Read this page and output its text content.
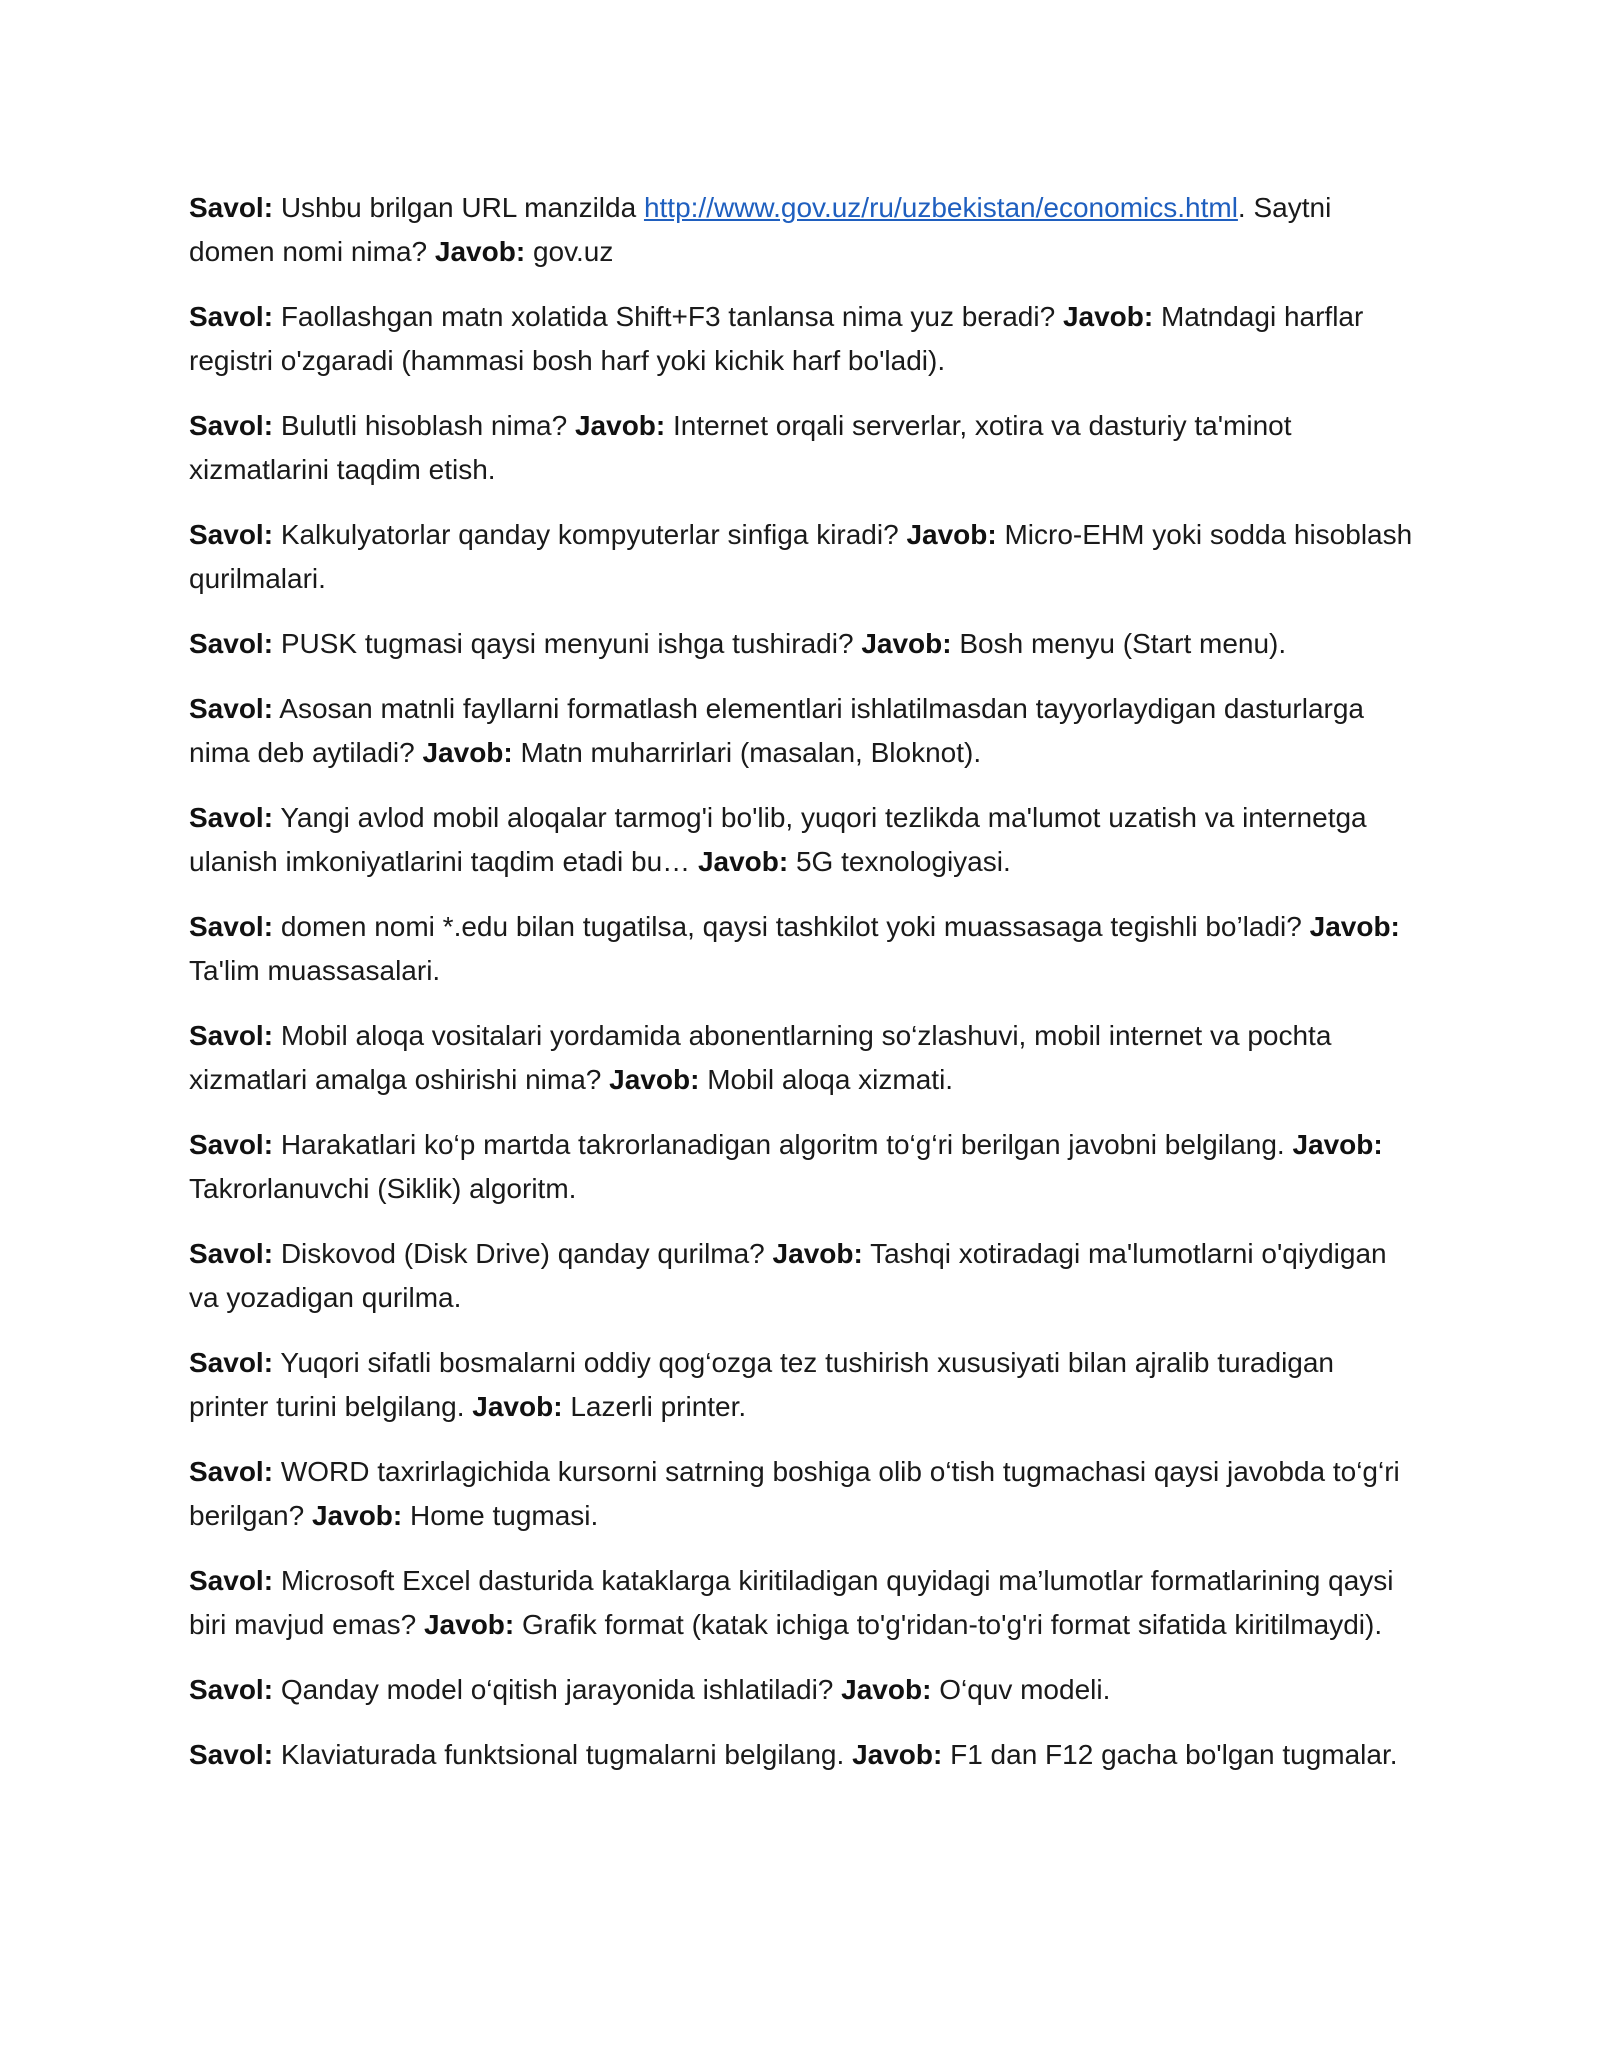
Savol: Ushbu brilgan URL manzilda http://www.gov.uz/ru/uzbekistan/economics.html. Saytni domen nomi nima? Javob: gov.uz

Savol: Faollashgan matn xolatida Shift+F3 tanlansa nima yuz beradi? Javob: Matndagi harflar registri o'zgaradi (hammasi bosh harf yoki kichik harf bo'ladi).

Savol: Bulutli hisoblash nima? Javob: Internet orqali serverlar, xotira va dasturiy ta'minot xizmatlarini taqdim etish.

Savol: Kalkulyatorlar qanday kompyuterlar sinfiga kiradi? Javob: Micro-EHM yoki sodda hisoblash qurilmalari.

Savol: PUSK tugmasi qaysi menyuni ishga tushiradi? Javob: Bosh menyu (Start menu).

Savol: Asosan matnli fayllarni formatlash elementlari ishlatilmasdan tayyorlaydigan dasturlarga nima deb aytiladi? Javob: Matn muharrirlari (masalan, Bloknot).

Savol: Yangi avlod mobil aloqalar tarmog'i bo'lib, yuqori tezlikda ma'lumot uzatish va internetga ulanish imkoniyatlarini taqdim etadi bu… Javob: 5G texnologiyasi.

Savol: domen nomi *.edu bilan tugatilsa, qaysi tashkilot yoki muassasaga tegishli bo’ladi? Javob: Ta'lim muassasalari.

Savol: Mobil aloqa vositalari yordamida abonentlarning so‘zlashuvi, mobil internet va pochta xizmatlari amalga oshirishi nima? Javob: Mobil aloqa xizmati.

Savol: Harakatlari ko‘p martda takrorlanadigan algoritm to‘g‘ri berilgan javobni belgilang. Javob: Takrorlanuvchi (Siklik) algoritm.

Savol: Diskovod (Disk Drive) qanday qurilma? Javob: Tashqi xotiradagi ma'lumotlarni o'qiydigan va yozadigan qurilma.

Savol: Yuqori sifatli bosmalarni oddiy qog‘ozga tez tushirish xususiyati bilan ajralib turadigan printer turini belgilang. Javob: Lazerli printer.

Savol: WORD taxrirlagichida kursorni satrning boshiga olib o‘tish tugmachasi qaysi javobda to‘g‘ri berilgan? Javob: Home tugmasi.

Savol: Microsoft Excel dasturida kataklarga kiritiladigan quyidagi ma’lumotlar formatlarining qaysi biri mavjud emas? Javob: Grafik format (katak ichiga to'g'ridan-to'g'ri format sifatida kiritilmaydi).

Savol: Qanday model o‘qitish jarayonida ishlatiladi? Javob: O‘quv modeli.

Savol: Klaviaturada funktsional tugmalarni belgilang. Javob: F1 dan F12 gacha bo'lgan tugmalar.
